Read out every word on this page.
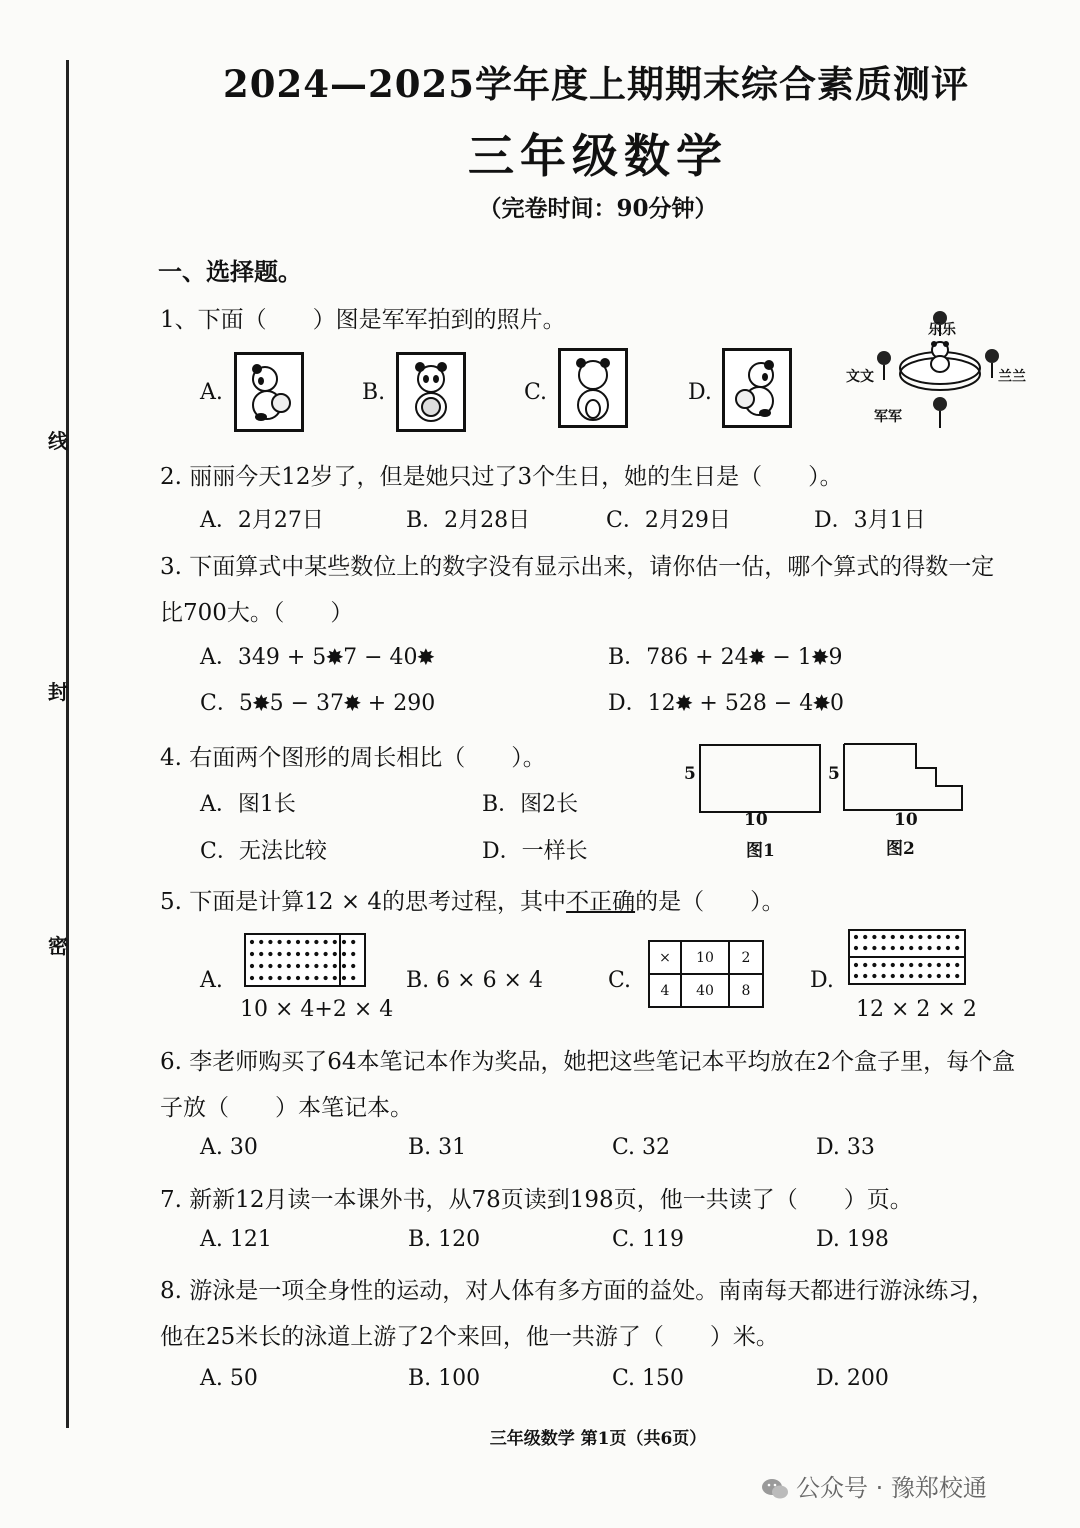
线
封
密
2024—2025学年度上期期末综合素质测评
三年级数学
（完卷时间：90分钟）
一、选择题。
1、下面（　　）图是军军拍到的照片。
A.	B.	C.	D.
乐乐
文文	兰兰
军军
2. 丽丽今天12岁了，但是她只过了3个生日，她的生日是（　　）。
A．2月27日	B．2月28日	C．2月29日	D．3月1日
3. 下面算式中某些数位上的数字没有显示出来，请你估一估，哪个算式的得数一定
比700大。（　　）
A．349 + 5✸7 − 40✸	B．786 + 24✸ − 1✸9
C．5✸5 − 37✸ + 290	D．12✸ + 528 − 4✸0
4. 右面两个图形的周长相比（　　）。
A．图1长	B．图2长
C．无法比较	D．一样长
5
10
图1
5
10
图2
5. 下面是计算12 × 4的思考过程，其中不正确的是（　　）。
A.
10 × 4+2 × 4
B. 6 × 6 × 4	C.
×	10	2
4	40	8	D.
12 × 2 × 2
6. 李老师购买了64本笔记本作为奖品，她把这些笔记本平均放在2个盒子里，每个盒
子放（　　）本笔记本。
A. 30	B. 31	C. 32	D. 33
7. 新新12月读一本课外书，从78页读到198页，他一共读了（　　）页。
A. 121	B. 120	C. 119	D. 198
8. 游泳是一项全身性的运动，对人体有多方面的益处。南南每天都进行游泳练习，
他在25米长的泳道上游了2个来回，他一共游了（　　）米。
A. 50	B. 100	C. 150	D. 200
三年级数学 第1页（共6页）
公众号 · 豫郑校通
